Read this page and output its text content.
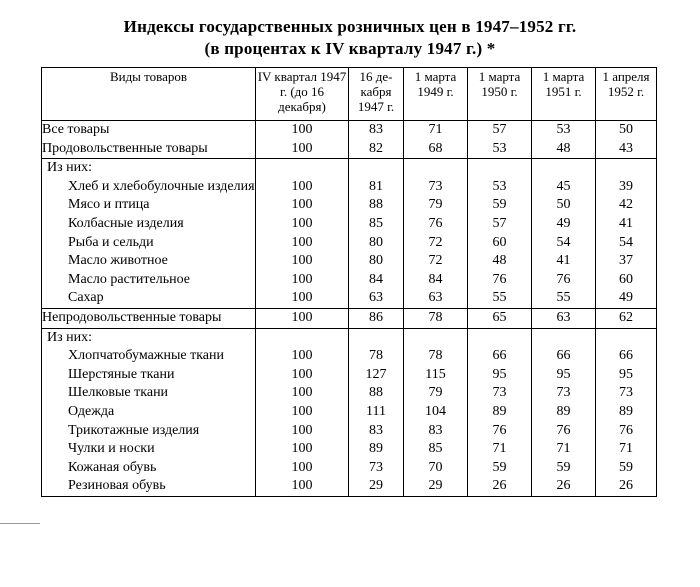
Индексы государственных розничных цен в 1947–1952 гг.
(в процентах к IV кварталу 1947 г.) *
Виды товаров	IV квартал 1947 г. (до 16 декабря)	16 де-кабря 1947 г.	1 марта 1949 г.	1 марта 1950 г.	1 марта 1951 г.	1 апреля 1952 г.
Все товары	100	83	71	57	53	50
Продовольственные товары	100	82	68	53	48	43

Из них:
Хлеб и хлебобулочные изделия	100	81	73	53	45	39
Мясо и птица	100	88	79	59	50	42
Колбасные изделия	100	85	76	57	49	41
Рыба и сельди	100	80	72	60	54	54
Масло животное	100	80	72	48	41	37
Масло растительное	100	84	84	76	76	60
Сахар	100	63	63	55	55	49
Непродовольственные товары	100	86	78	65	63	62

Из них:
Хлопчатобумажные ткани	100	78	78	66	66	66
Шерстяные ткани	100	127	115	95	95	95
Шелковые ткани	100	88	79	73	73	73
Одежда	100	111	104	89	89	89
Трикотажные изделия	100	83	83	76	76	76
Чулки и носки	100	89	85	71	71	71
Кожаная обувь	100	73	70	59	59	59
Резиновая обувь	100	29	29	26	26	26
